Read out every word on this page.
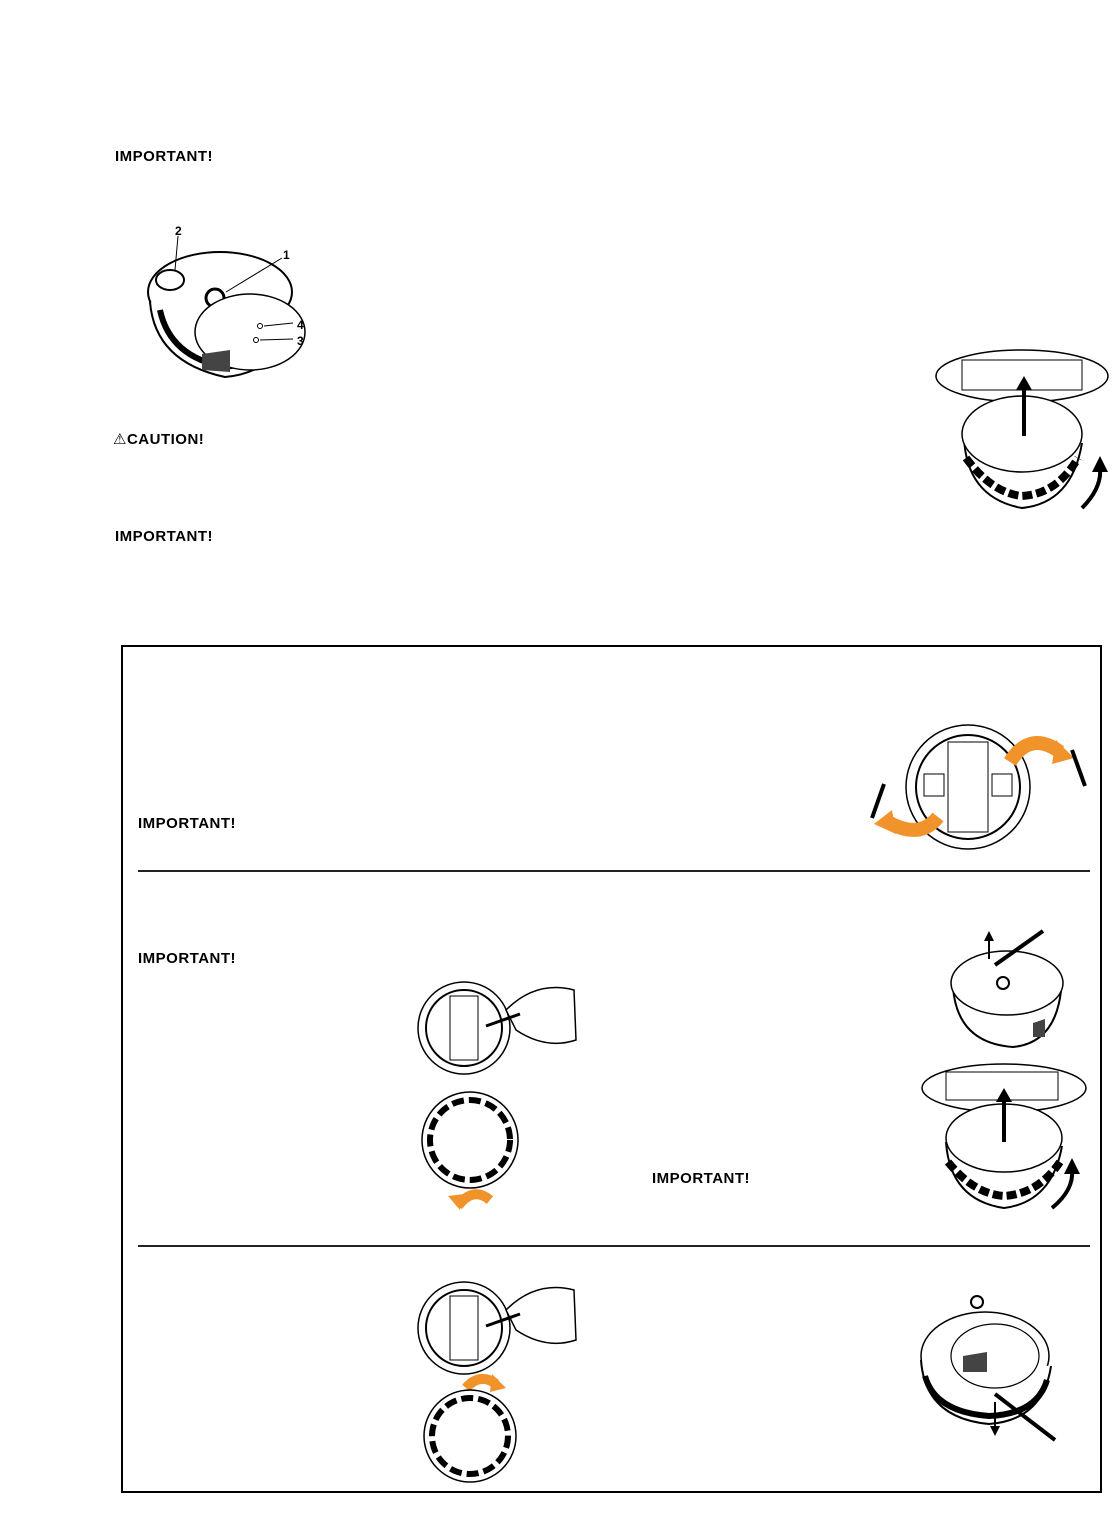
IMPORTANT!
2
1
4
3
⚠CAUTION!
IMPORTANT!
IMPORTANT!
IMPORTANT!
IMPORTANT!
